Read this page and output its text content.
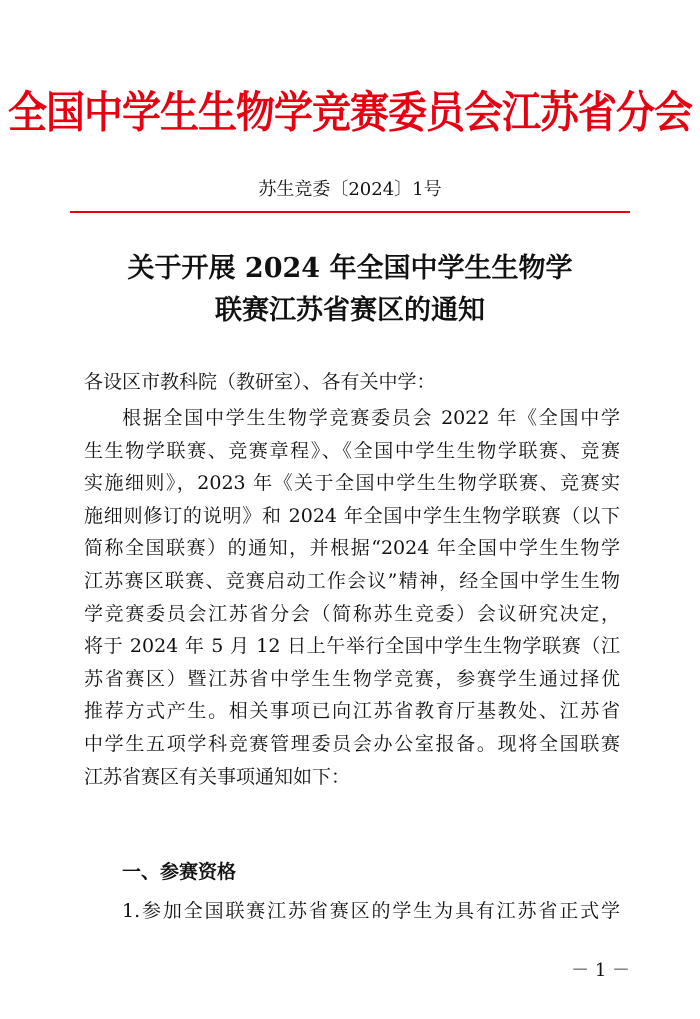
全国中学生生物学竞赛委员会江苏省分会
苏生竞委〔2024〕1号
关于开展 2024 年全国中学生生物学
联赛江苏省赛区的通知
各设区市教科院（教研室）、各有关中学：
根据全国中学生生物学竞赛委员会 2022 年《全国中学
生生物学联赛、竞赛章程》、《全国中学生生物学联赛、竞赛
实施细则》，2023 年《关于全国中学生生物学联赛、竞赛实
施细则修订的说明》和 2024 年全国中学生生物学联赛（以下
简称全国联赛）的通知，并根据“2024 年全国中学生生物学
江苏赛区联赛、竞赛启动工作会议”精神，经全国中学生生物
学竞赛委员会江苏省分会（简称苏生竞委）会议研究决定，
将于 2024 年 5 月 12 日上午举行全国中学生生物学联赛（江
苏省赛区）暨江苏省中学生生物学竞赛，参赛学生通过择优
推荐方式产生。相关事项已向江苏省教育厅基教处、江苏省
中学生五项学科竞赛管理委员会办公室报备。现将全国联赛
江苏省赛区有关事项通知如下：
一、参赛资格
1.参加全国联赛江苏省赛区的学生为具有江苏省正式学
－ 1 －
